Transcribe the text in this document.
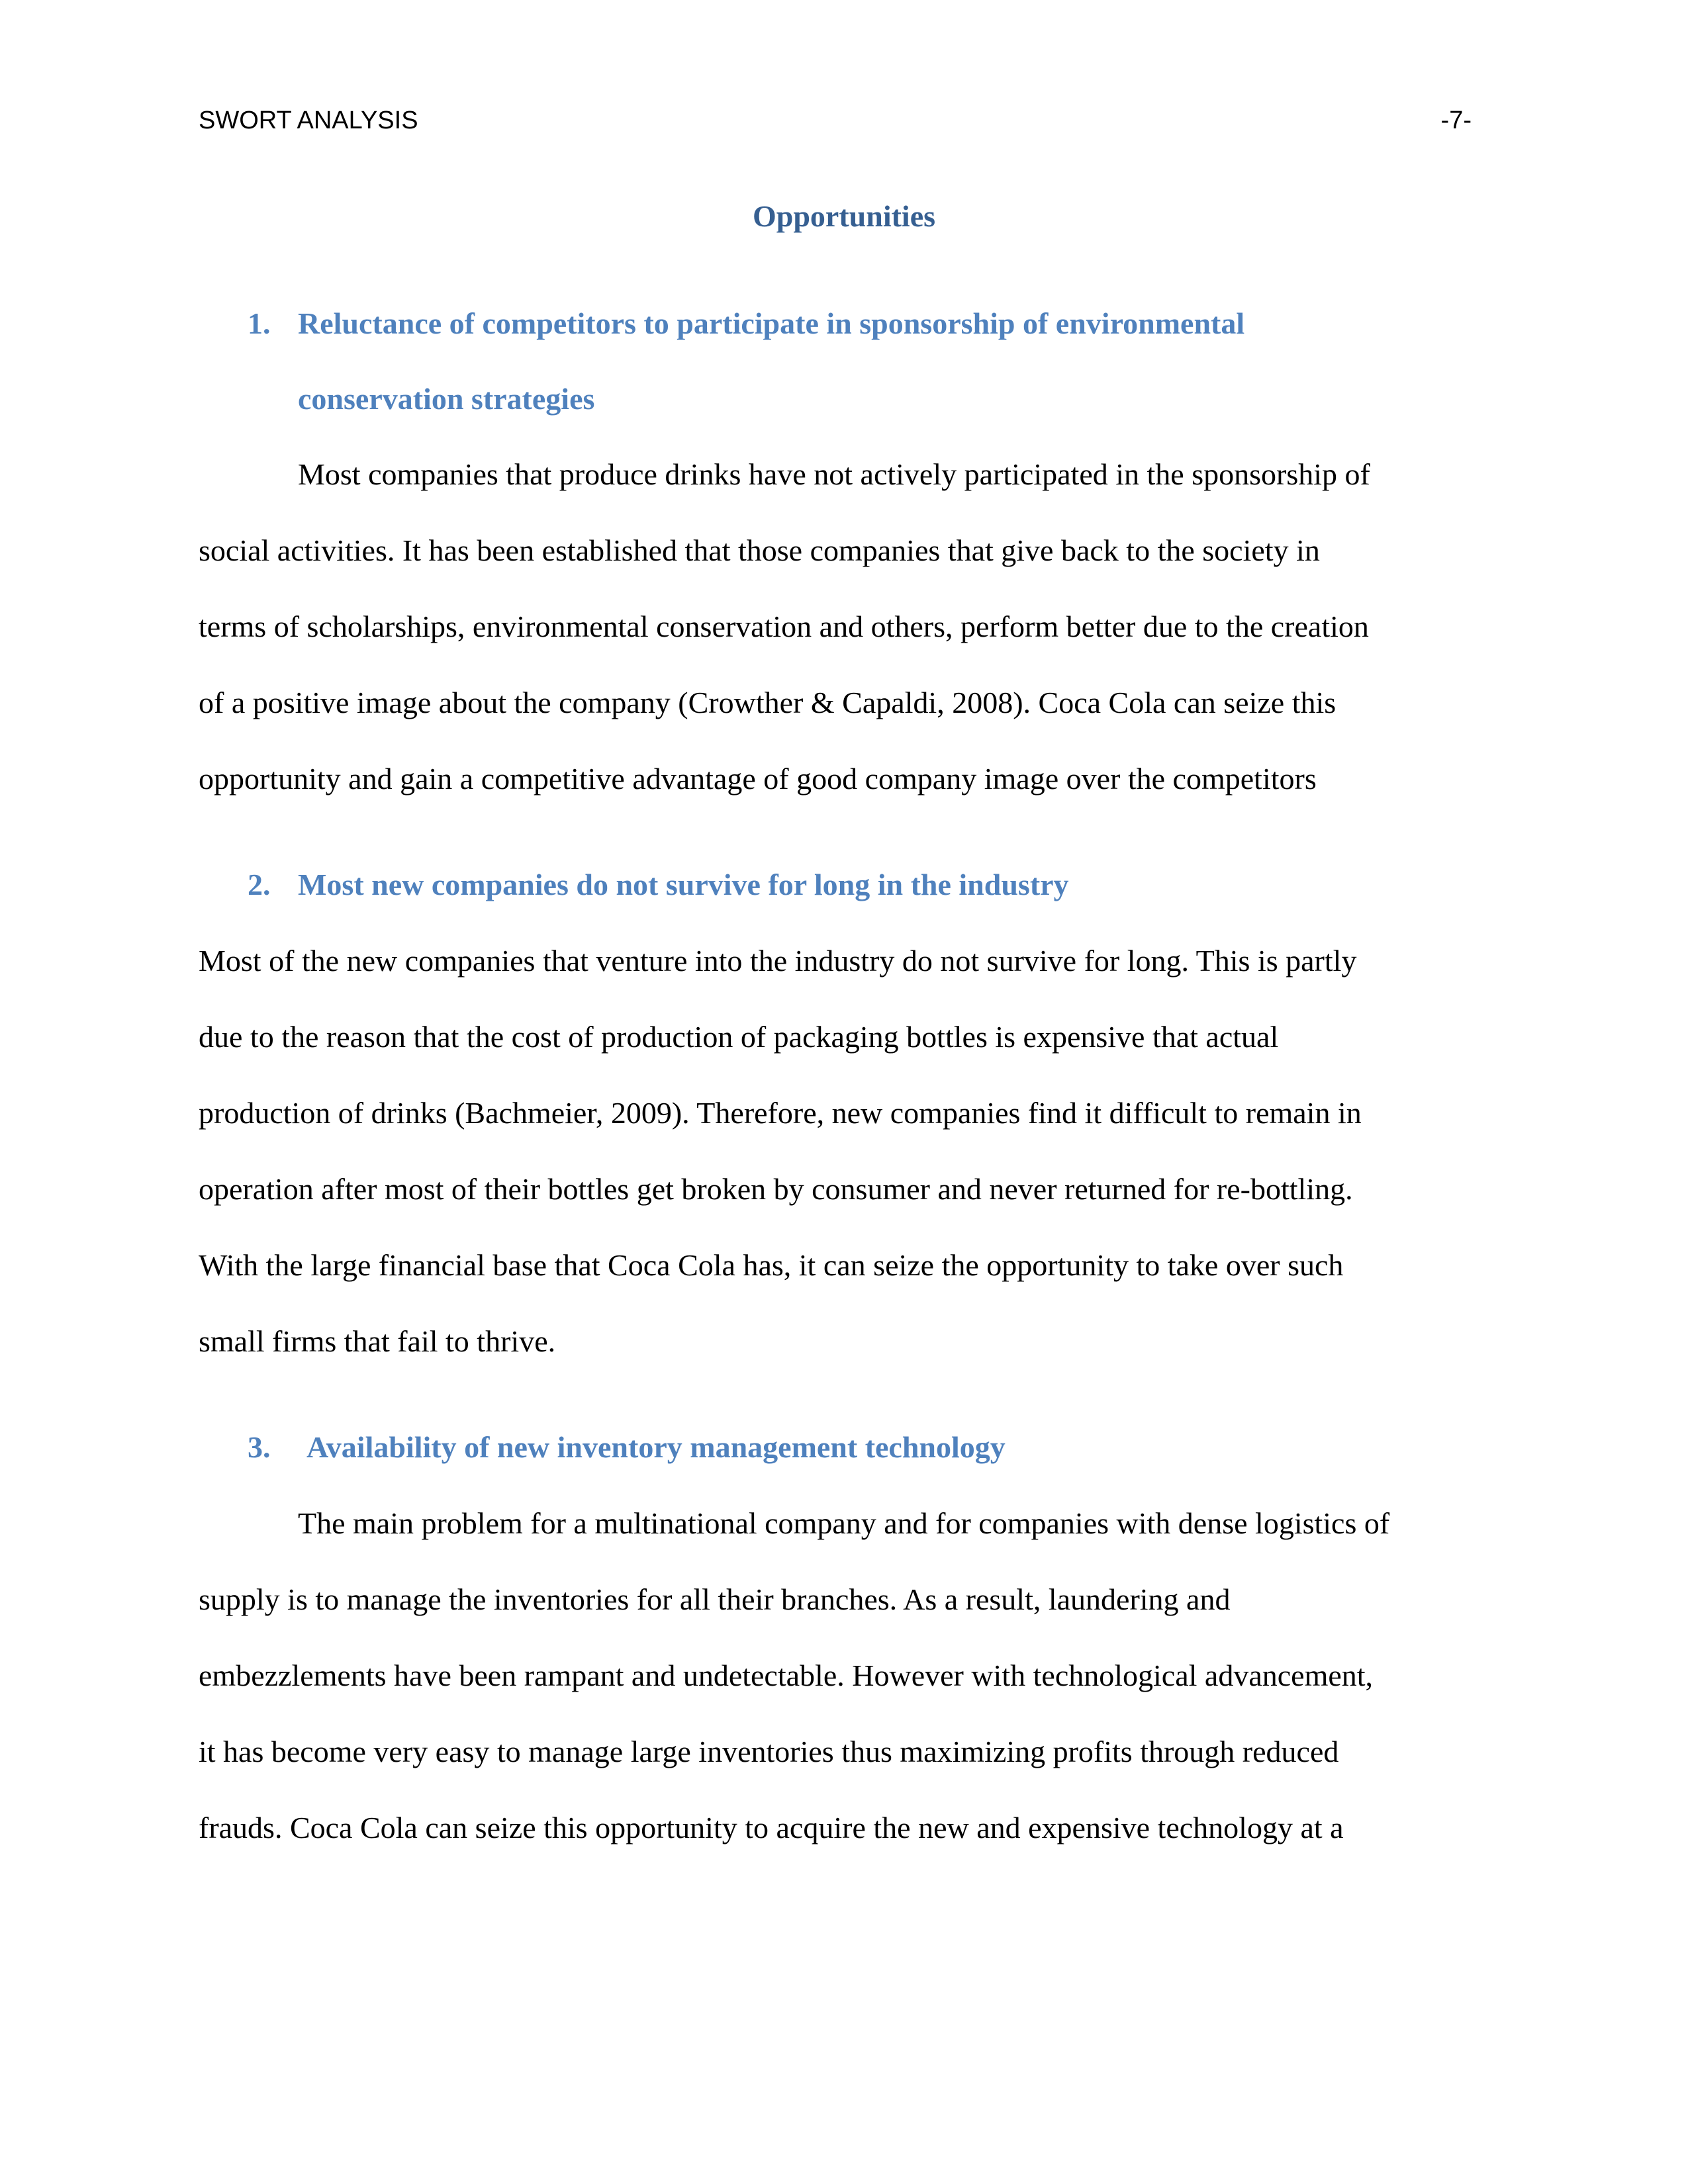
SWORT ANALYSIS	-7-
Opportunities
1. Reluctance of competitors to participate in sponsorship of environmental
conservation strategies
Most companies that produce drinks have not actively participated in the sponsorship of
social activities. It has been established that those companies that give back to the society in
terms of scholarships, environmental conservation and others, perform better due to the creation
of a positive image about the company (Crowther & Capaldi, 2008). Coca Cola can seize this
opportunity and gain a competitive advantage of good company image over the competitors
2. Most new companies do not survive for long in the industry
Most of the new companies that venture into the industry do not survive for long. This is partly
due to the reason that the cost of production of packaging bottles is expensive that actual
production of drinks (Bachmeier, 2009). Therefore, new companies find it difficult to remain in
operation after most of their bottles get broken by consumer and never returned for re-bottling.
With the large financial base that Coca Cola has, it can seize the opportunity to take over such
small firms that fail to thrive.
3. Availability of new inventory management technology
The main problem for a multinational company and for companies with dense logistics of
supply is to manage the inventories for all their branches. As a result, laundering and
embezzlements have been rampant and undetectable. However with technological advancement,
it has become very easy to manage large inventories thus maximizing profits through reduced
frauds. Coca Cola can seize this opportunity to acquire the new and expensive technology at a
